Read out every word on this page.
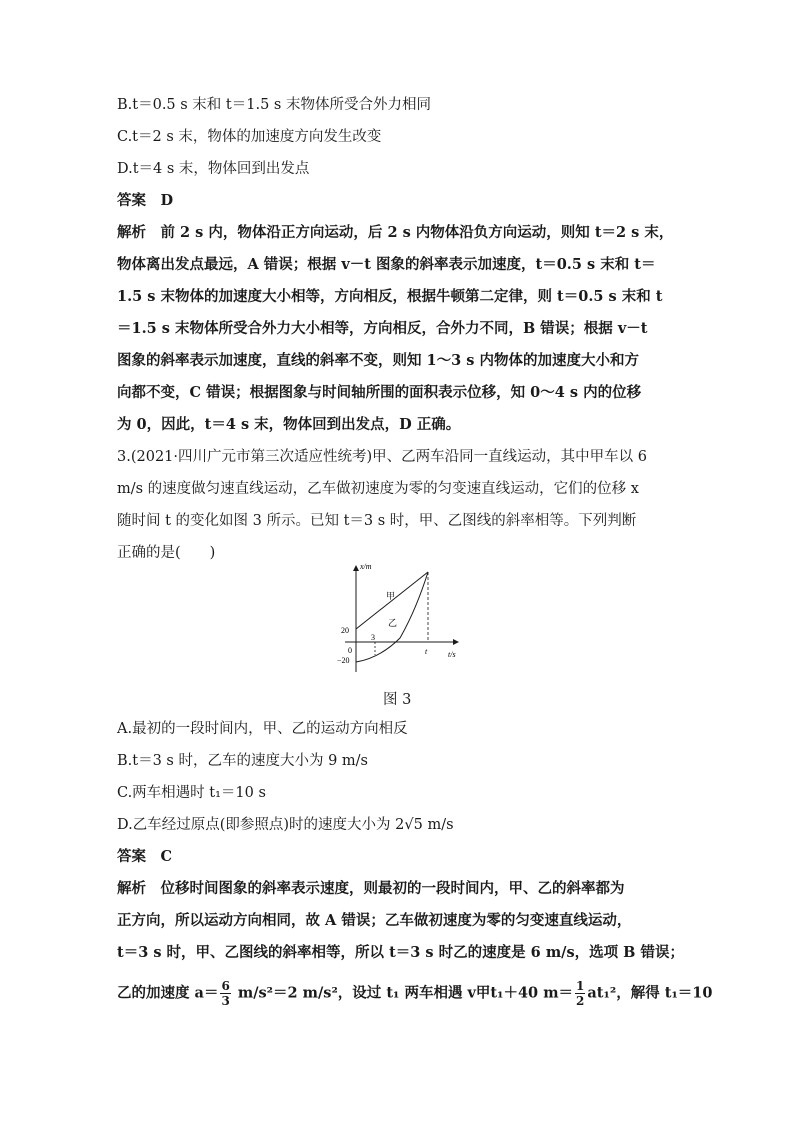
B.t＝0.5 s 末和 t＝1.5 s 末物体所受合外力相同
C.t＝2 s 末，物体的加速度方向发生改变
D.t＝4 s 末，物体回到出发点
答案　D
解析　前 2 s 内，物体沿正方向运动，后 2 s 内物体沿负方向运动，则知 t＝2 s 末，
物体离出发点最远，A 错误；根据 v－t 图象的斜率表示加速度，t＝0.5 s 末和 t＝
1.5 s 末物体的加速度大小相等，方向相反，根据牛顿第二定律，则 t＝0.5 s 末和 t
＝1.5 s 末物体所受合外力大小相等，方向相反，合外力不同，B 错误；根据 v－t
图象的斜率表示加速度，直线的斜率不变，则知 1～3 s 内物体的加速度大小和方
向都不变，C 错误；根据图象与时间轴所围的面积表示位移，知 0～4 s 内的位移
为 0，因此，t＝4 s 末，物体回到出发点，D 正确。
3.(2021·四川广元市第三次适应性统考)甲、乙两车沿同一直线运动，其中甲车以 6
m/s 的速度做匀速直线运动，乙车做初速度为零的匀变速直线运动，它们的位移 x
随时间 t 的变化如图 3 所示。已知 t＝3 s 时，甲、乙图线的斜率相等。下列判断
正确的是(　　)
x/m
t/s
甲
乙
20
0
−20
3
t
图 3
A.最初的一段时间内，甲、乙的运动方向相反
B.t＝3 s 时，乙车的速度大小为 9 m/s
C.两车相遇时 t₁＝10 s
D.乙车经过原点(即参照点)时的速度大小为 2√5 m/s
答案　C
解析　位移时间图象的斜率表示速度，则最初的一段时间内，甲、乙的斜率都为
正方向，所以运动方向相同，故 A 错误；乙车做初速度为零的匀变速直线运动，
t＝3 s 时，甲、乙图线的斜率相等，所以 t＝3 s 时乙的速度是 6 m/s，选项 B 错误；
乙的加速度 $a= \frac{6}{3} m/s^2=2$ m/s²，设过 t₁ 两车相遇 v甲t₁＋40 $m= \frac{1}{2} at_1^2$，解得 t₁＝10
